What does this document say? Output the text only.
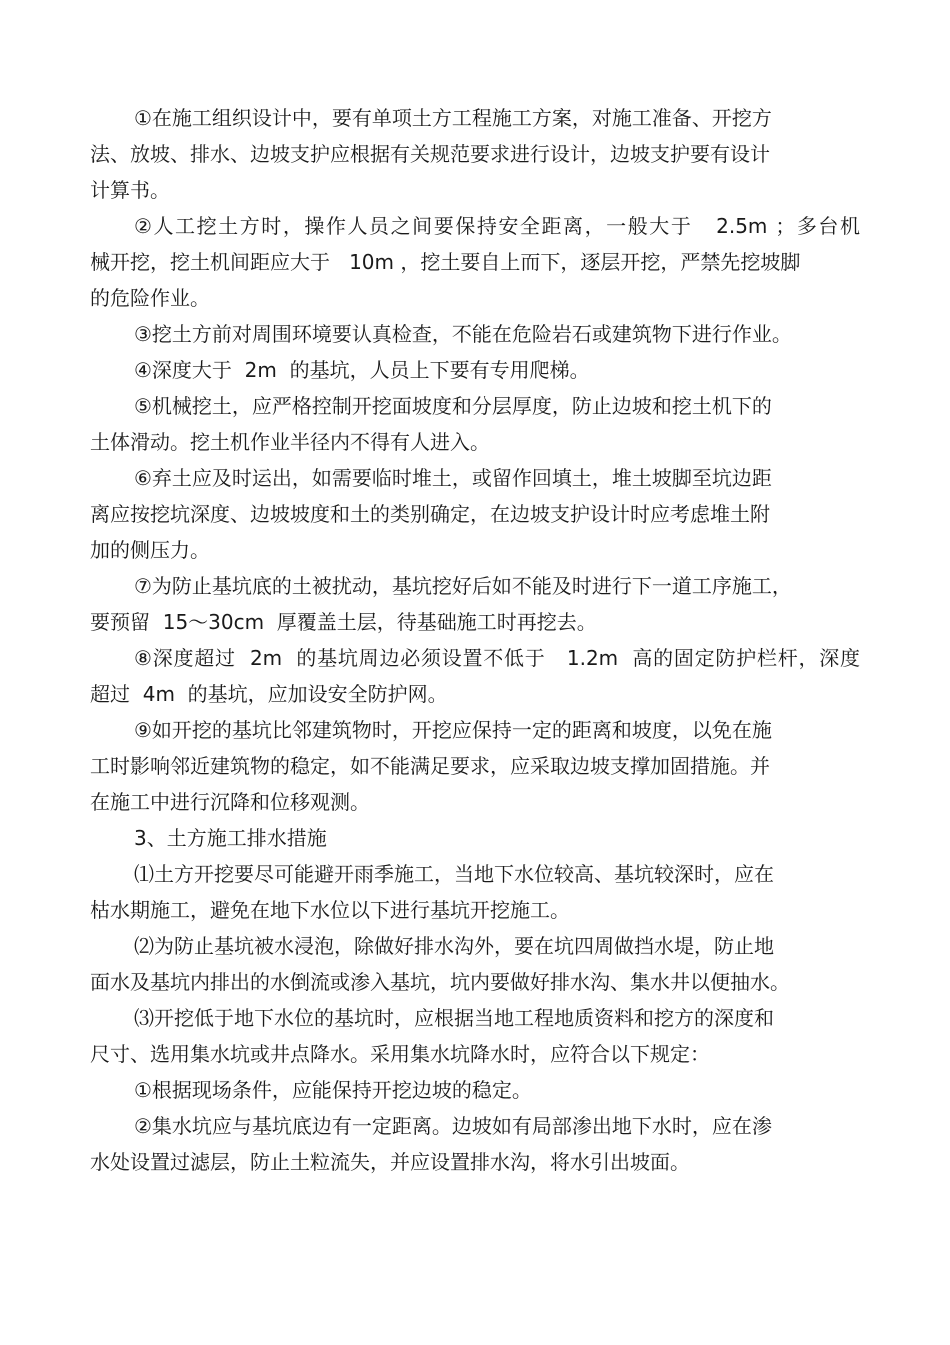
①在施工组织设计中，要有单项土方工程施工方案，对施工准备、开挖方
法、放坡、排水、边坡支护应根据有关规范要求进行设计，边坡支护要有设计
计算书。
②人工挖土方时，操作人员之间要保持安全距离，一般大于   2.5m ；多台机
械开挖，挖土机间距应大于   10m ，挖土要自上而下，逐层开挖，严禁先挖坡脚
的危险作业。
③挖土方前对周围环境要认真检查，不能在危险岩石或建筑物下进行作业。
④深度大于  2m  的基坑，人员上下要有专用爬梯。
⑤机械挖土，应严格控制开挖面坡度和分层厚度，防止边坡和挖土机下的
土体滑动。挖土机作业半径内不得有人进入。
⑥弃土应及时运出，如需要临时堆土，或留作回填土，堆土坡脚至坑边距
离应按挖坑深度、边坡坡度和土的类别确定，在边坡支护设计时应考虑堆土附
加的侧压力。
⑦为防止基坑底的土被扰动，基坑挖好后如不能及时进行下一道工序施工，
要预留  15～30cm  厚覆盖土层，待基础施工时再挖去。
⑧深度超过  2m  的基坑周边必须设置不低于   1.2m  高的固定防护栏杆，深度
超过  4m  的基坑，应加设安全防护网。
⑨如开挖的基坑比邻建筑物时，开挖应保持一定的距离和坡度，以免在施
工时影响邻近建筑物的稳定，如不能满足要求，应采取边坡支撑加固措施。并
在施工中进行沉降和位移观测。
3、土方施工排水措施
⑴土方开挖要尽可能避开雨季施工，当地下水位较高、基坑较深时，应在
枯水期施工，避免在地下水位以下进行基坑开挖施工。
⑵为防止基坑被水浸泡，除做好排水沟外，要在坑四周做挡水堤，防止地
面水及基坑内排出的水倒流或渗入基坑，坑内要做好排水沟、集水井以便抽水。
⑶开挖低于地下水位的基坑时，应根据当地工程地质资料和挖方的深度和
尺寸、选用集水坑或井点降水。采用集水坑降水时，应符合以下规定：
①根据现场条件，应能保持开挖边坡的稳定。
②集水坑应与基坑底边有一定距离。边坡如有局部渗出地下水时，应在渗
水处设置过滤层，防止土粒流失，并应设置排水沟，将水引出坡面。
